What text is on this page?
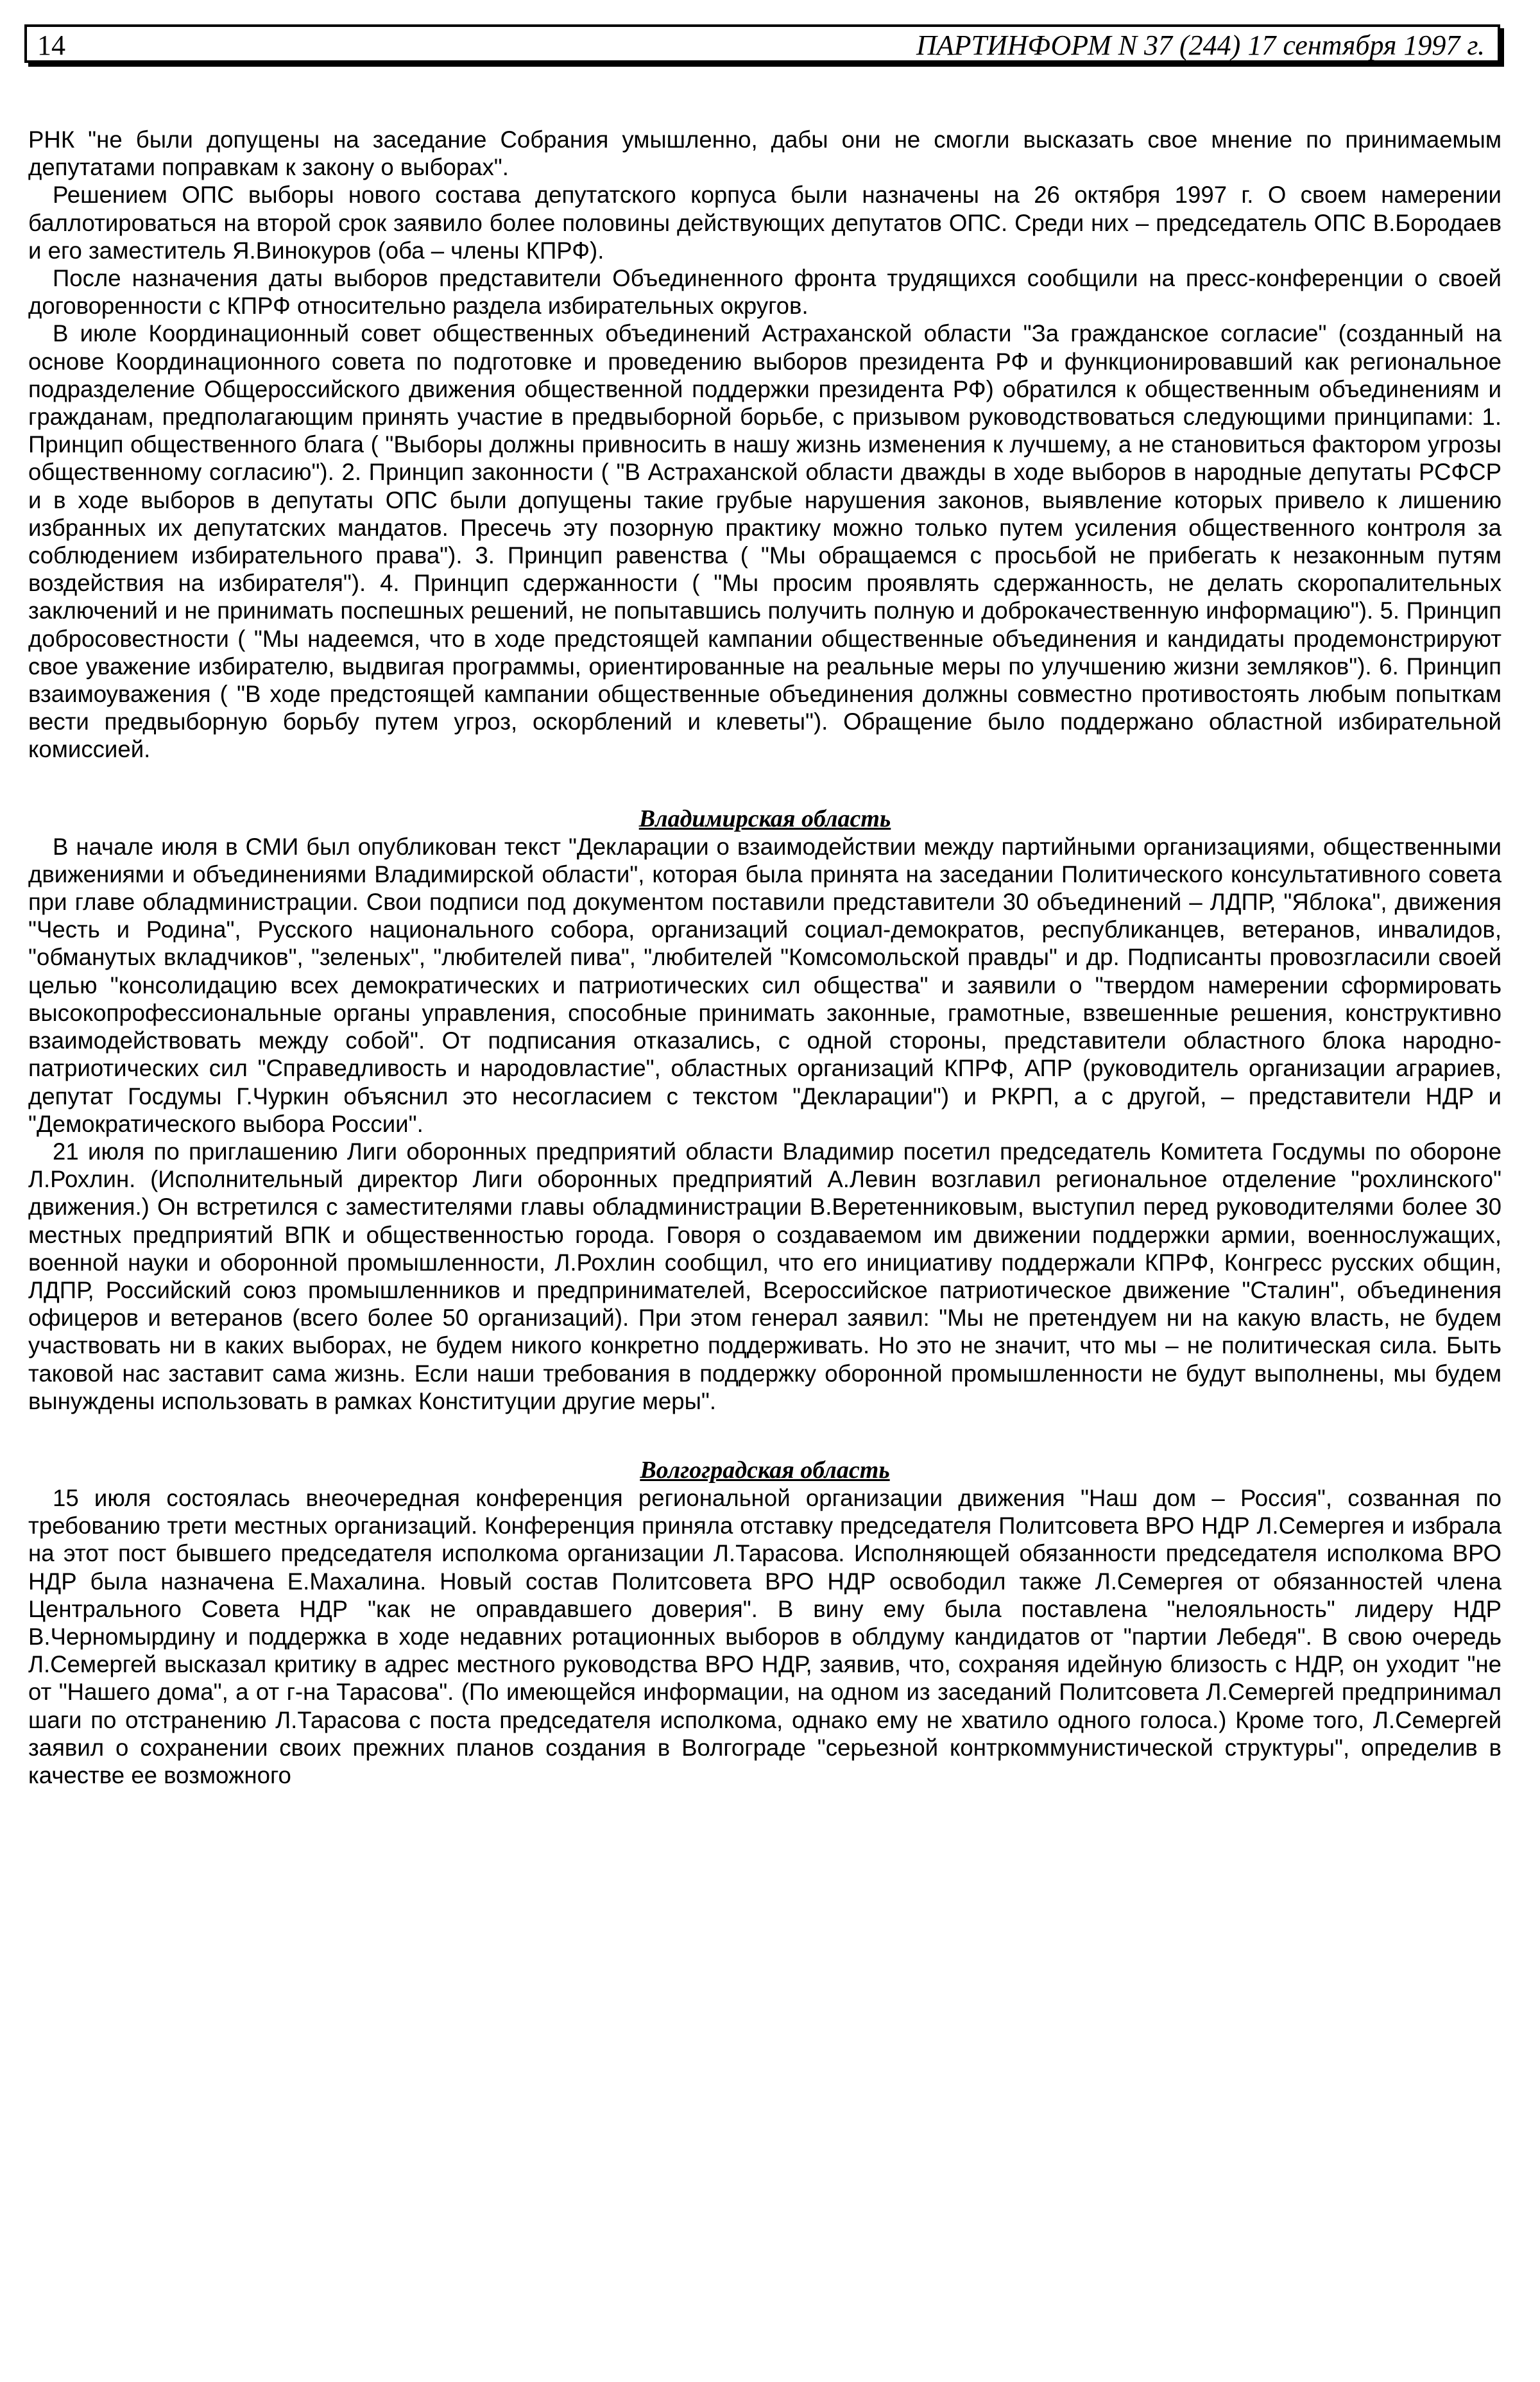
14	ПАРТИНФОРМ N 37 (244) 17 сентября 1997 г.

РНК "не были допущены на заседание Собрания умышленно, дабы они не смогли высказать свое мнение по принимаемым депутатами поправкам к закону о выборах".

Решением ОПС выборы нового состава депутатского корпуса были назначены на 26 октября 1997 г. О своем намерении баллотироваться на второй срок заявило более половины действующих депутатов ОПС. Среди них – председатель ОПС В.Бородаев и его заместитель Я.Винокуров (оба – члены КПРФ).

После назначения даты выборов представители Объединенного фронта трудящихся сообщили на пресс-конференции о своей договоренности с КПРФ относительно раздела избирательных округов.

В июле Координационный совет общественных объединений Астраханской области "За гражданское согласие" (созданный на основе Координационного совета по подготовке и проведению выборов президента РФ и функционировавший как региональное подразделение Общероссийского движения общественной поддержки президента РФ) обратился к общественным объединениям и гражданам, предполагающим принять участие в предвыборной борьбе, с призывом руководствоваться следующими принципами: 1. Принцип общественного блага ( "Выборы должны привносить в нашу жизнь изменения к лучшему, а не становиться фактором угрозы общественному согласию"). 2. Принцип законности ( "В Астраханской области дважды в ходе выборов в народные депутаты РСФСР и в ходе выборов в депутаты ОПС были допущены такие грубые нарушения законов, выявление которых привело к лишению избранных их депутатских мандатов. Пресечь эту позорную практику можно только путем усиления общественного контроля за соблюдением избирательного права"). 3. Принцип равенства ( "Мы обращаемся с просьбой не прибегать к незаконным путям воздействия на избирателя"). 4. Принцип сдержанности ( "Мы просим проявлять сдержанность, не делать скоропалительных заключений и не принимать поспешных решений, не попытавшись получить полную и доброкачественную информацию"). 5. Принцип добросовестности ( "Мы надеемся, что в ходе предстоящей кампании общественные объединения и кандидаты продемонстрируют свое уважение избирателю, выдвигая программы, ориентированные на реальные меры по улучшению жизни земляков"). 6. Принцип взаимоуважения ( "В ходе предстоящей кампании общественные объединения должны совместно противостоять любым попыткам вести предвыборную борьбу путем угроз, оскорблений и клеветы"). Обращение было поддержано областной избирательной комиссией.

Владимирская область

В начале июля в СМИ был опубликован текст "Декларации о взаимодействии между партийными организациями, общественными движениями и объединениями Владимирской области", которая была принята на заседании Политического консультативного совета при главе обладминистрации. Свои подписи под документом поставили представители 30 объединений – ЛДПР, "Яблока", движения "Честь и Родина", Русского национального собора, организаций социал-демократов, республиканцев, ветеранов, инвалидов, "обманутых вкладчиков", "зеленых", "любителей пива", "любителей "Комсомольской правды" и др. Подписанты провозгласили своей целью "консолидацию всех демократических и патриотических сил общества" и заявили о "твердом намерении сформировать высокопрофессиональные органы управления, способные принимать законные, грамотные, взвешенные решения, конструктивно взаимодействовать между собой". От подписания отказались, с одной стороны, представители областного блока народно-патриотических сил "Справедливость и народовластие", областных организаций КПРФ, АПР (руководитель организации аграриев, депутат Госдумы Г.Чуркин объяснил это несогласием с текстом "Декларации") и РКРП, а с другой, – представители НДР и "Демократического выбора России".

21 июля по приглашению Лиги оборонных предприятий области Владимир посетил председатель Комитета Госдумы по обороне Л.Рохлин. (Исполнительный директор Лиги оборонных предприятий А.Левин возглавил региональное отделение "рохлинского" движения.) Он встретился с заместителями главы обладминистрации В.Веретенниковым, выступил перед руководителями более 30 местных предприятий ВПК и общественностью города. Говоря о создаваемом им движении поддержки армии, военнослужащих, военной науки и оборонной промышленности, Л.Рохлин сообщил, что его инициативу поддержали КПРФ, Конгресс русских общин, ЛДПР, Российский союз промышленников и предпринимателей, Всероссийское патриотическое движение "Сталин", объединения офицеров и ветеранов (всего более 50 организаций). При этом генерал заявил: "Мы не претендуем ни на какую власть, не будем участвовать ни в каких выборах, не будем никого конкретно поддерживать. Но это не значит, что мы – не политическая сила. Быть таковой нас заставит сама жизнь. Если наши требования в поддержку оборонной промышленности не будут выполнены, мы будем вынуждены использовать в рамках Конституции другие меры".

Волгоградская область

15 июля состоялась внеочередная конференция региональной организации движения "Наш дом – Россия", созванная по требованию трети местных организаций. Конференция приняла отставку председателя Политсовета ВРО НДР Л.Семергея и избрала на этот пост бывшего председателя исполкома организации Л.Тарасова. Исполняющей обязанности председателя исполкома ВРО НДР была назначена Е.Махалина. Новый состав Политсовета ВРО НДР освободил также Л.Семергея от обязанностей члена Центрального Совета НДР "как не оправдавшего доверия". В вину ему была поставлена "нелояльность" лидеру НДР В.Черномырдину и поддержка в ходе недавних ротационных выборов в облдуму кандидатов от "партии Лебедя". В свою очередь Л.Семергей высказал критику в адрес местного руководства ВРО НДР, заявив, что, сохраняя идейную близость с НДР, он уходит "не от "Нашего дома", а от г-на Тарасова". (По имеющейся информации, на одном из заседаний Политсовета Л.Семергей предпринимал шаги по отстранению Л.Тарасова с поста председателя исполкома, однако ему не хватило одного голоса.) Кроме того, Л.Семергей заявил о сохранении своих прежних планов создания в Волгограде "серьезной контркоммунистической структуры", определив в качестве ее возможного
